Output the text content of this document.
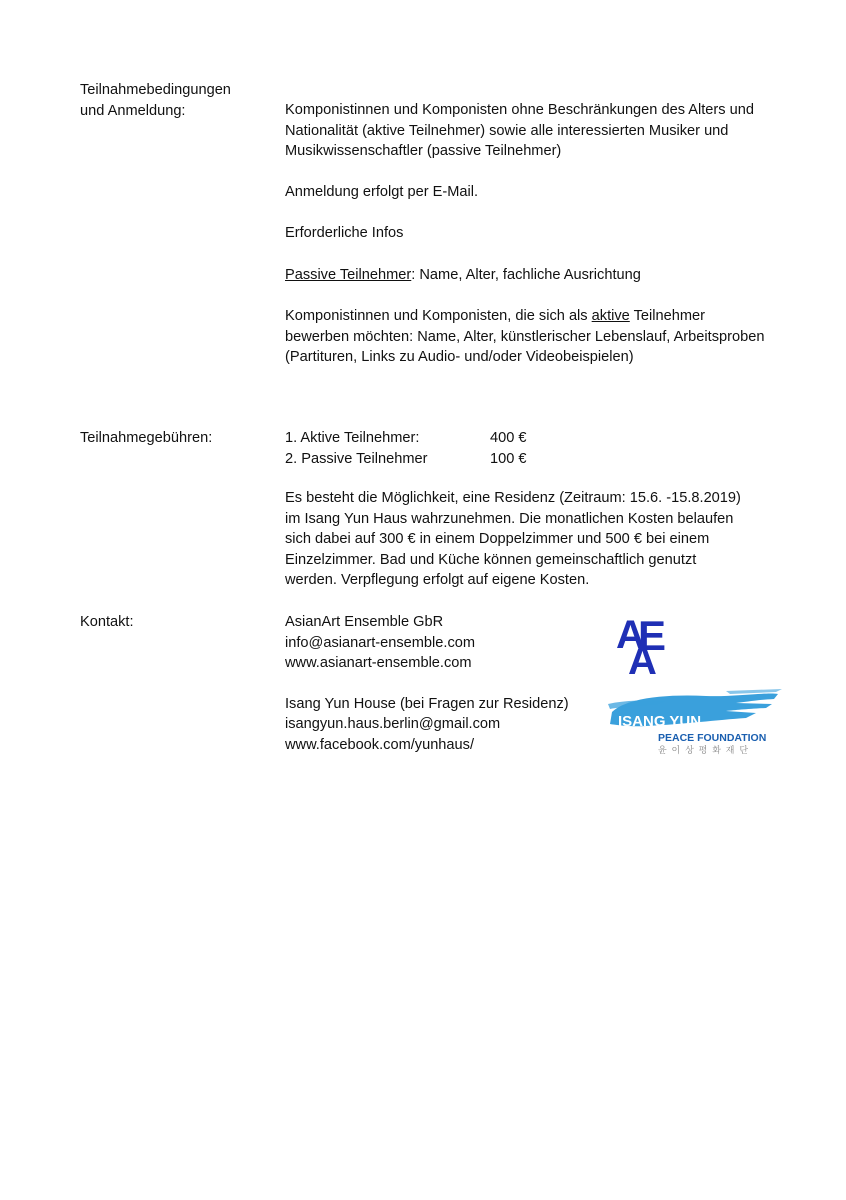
Teilnahmebedingungen
und Anmeldung:	Komponistinnen und Komponisten ohne Beschränkungen des Alters und Nationalität (aktive Teilnehmer) sowie alle interessierten Musiker und Musikwissenschaftler (passive Teilnehmer)

Anmeldung erfolgt per E-Mail.

Erforderliche Infos

Passive Teilnehmer: Name, Alter, fachliche Ausrichtung

Komponistinnen und Komponisten, die sich als aktive Teilnehmer bewerben möchten: Name, Alter, künstlerischer Lebenslauf, Arbeitsproben (Partituren, Links zu Audio- und/oder Videobeispielen)

Teilnahmegebühren:	1. Aktive Teilnehmer:	400 €
2. Passive Teilnehmer	100 €

Es besteht die Möglichkeit, eine Residenz (Zeitraum: 15.6. -15.8.2019) im Isang Yun Haus wahrzunehmen. Die monatlichen Kosten belaufen sich dabei auf 300 € in einem Doppelzimmer und 500 € bei einem Einzelzimmer. Bad und Küche können gemeinschaftlich genutzt werden. Verpflegung erfolgt auf eigene Kosten.

Kontakt:	AsianArt Ensemble GbR

info@asianart-ensemble.com

www.asianart-ensemble.com

Isang Yun House (bei Fragen zur Residenz)

isangyun.haus.berlin@gmail.com

www.facebook.com/yunhaus/

A
E
A
ISANG YUN
PEACE FOUNDATION
윤 이 상 평 화 재 단
